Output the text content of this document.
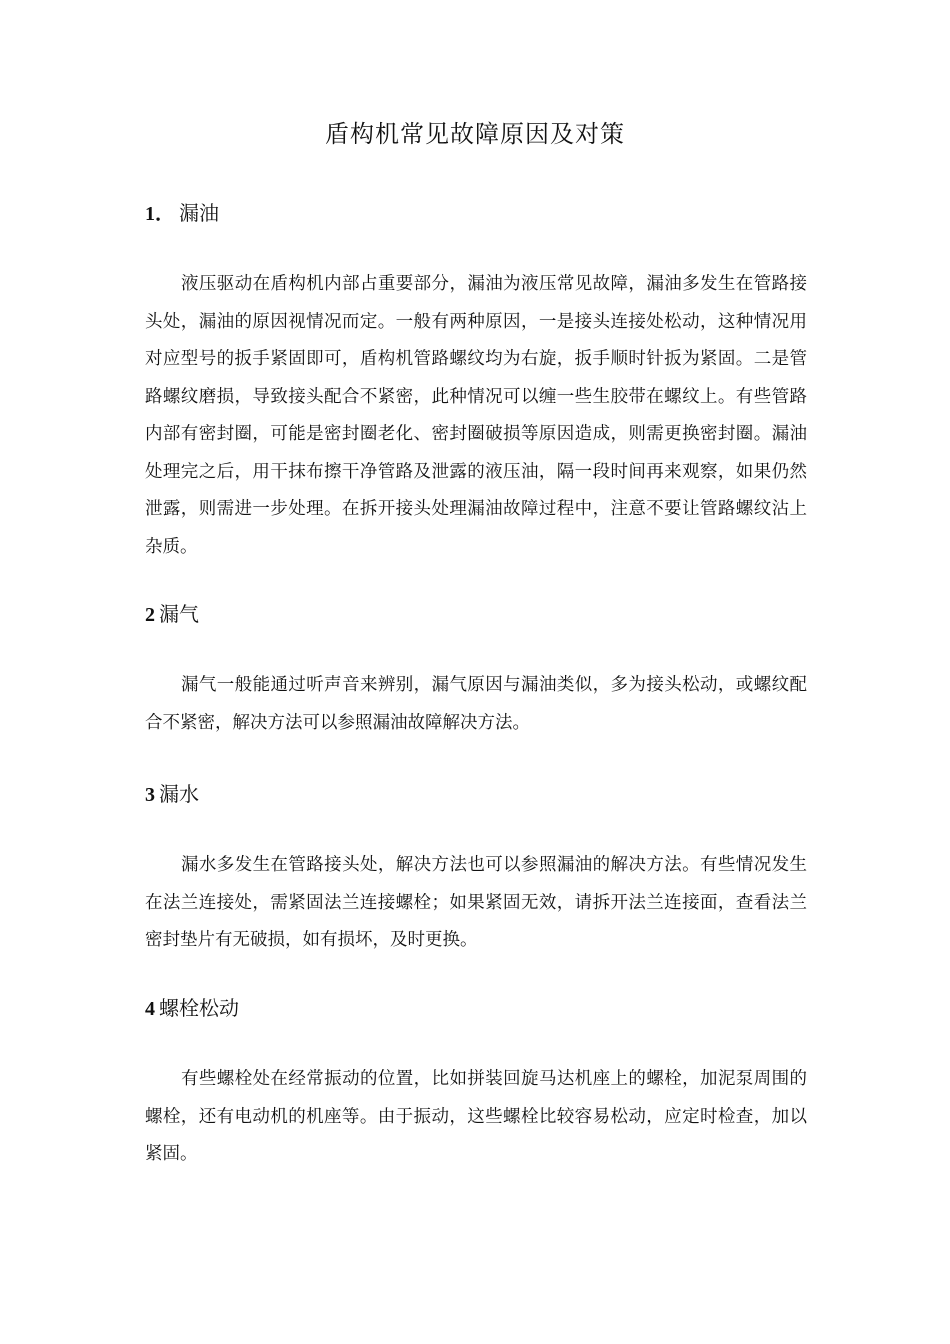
盾构机常见故障原因及对策
1． 漏油
液压驱动在盾构机内部占重要部分，漏油为液压常见故障，漏油多发生在管路接头处，漏油的原因视情况而定。一般有两种原因，一是接头连接处松动，这种情况用对应型号的扳手紧固即可，盾构机管路螺纹均为右旋，扳手顺时针扳为紧固。二是管路螺纹磨损，导致接头配合不紧密，此种情况可以缠一些生胶带在螺纹上。有些管路内部有密封圈，可能是密封圈老化、密封圈破损等原因造成，则需更换密封圈。漏油处理完之后，用干抹布擦干净管路及泄露的液压油，隔一段时间再来观察，如果仍然泄露，则需进一步处理。在拆开接头处理漏油故障过程中，注意不要让管路螺纹沾上杂质。
2 漏气
漏气一般能通过听声音来辨别，漏气原因与漏油类似，多为接头松动，或螺纹配合不紧密，解决方法可以参照漏油故障解决方法。
3 漏水
漏水多发生在管路接头处，解决方法也可以参照漏油的解决方法。有些情况发生在法兰连接处，需紧固法兰连接螺栓；如果紧固无效，请拆开法兰连接面，查看法兰密封垫片有无破损，如有损坏，及时更换。
4 螺栓松动
有些螺栓处在经常振动的位置，比如拼装回旋马达机座上的螺栓，加泥泵周围的螺栓，还有电动机的机座等。由于振动，这些螺栓比较容易松动，应定时检查，加以紧固。
